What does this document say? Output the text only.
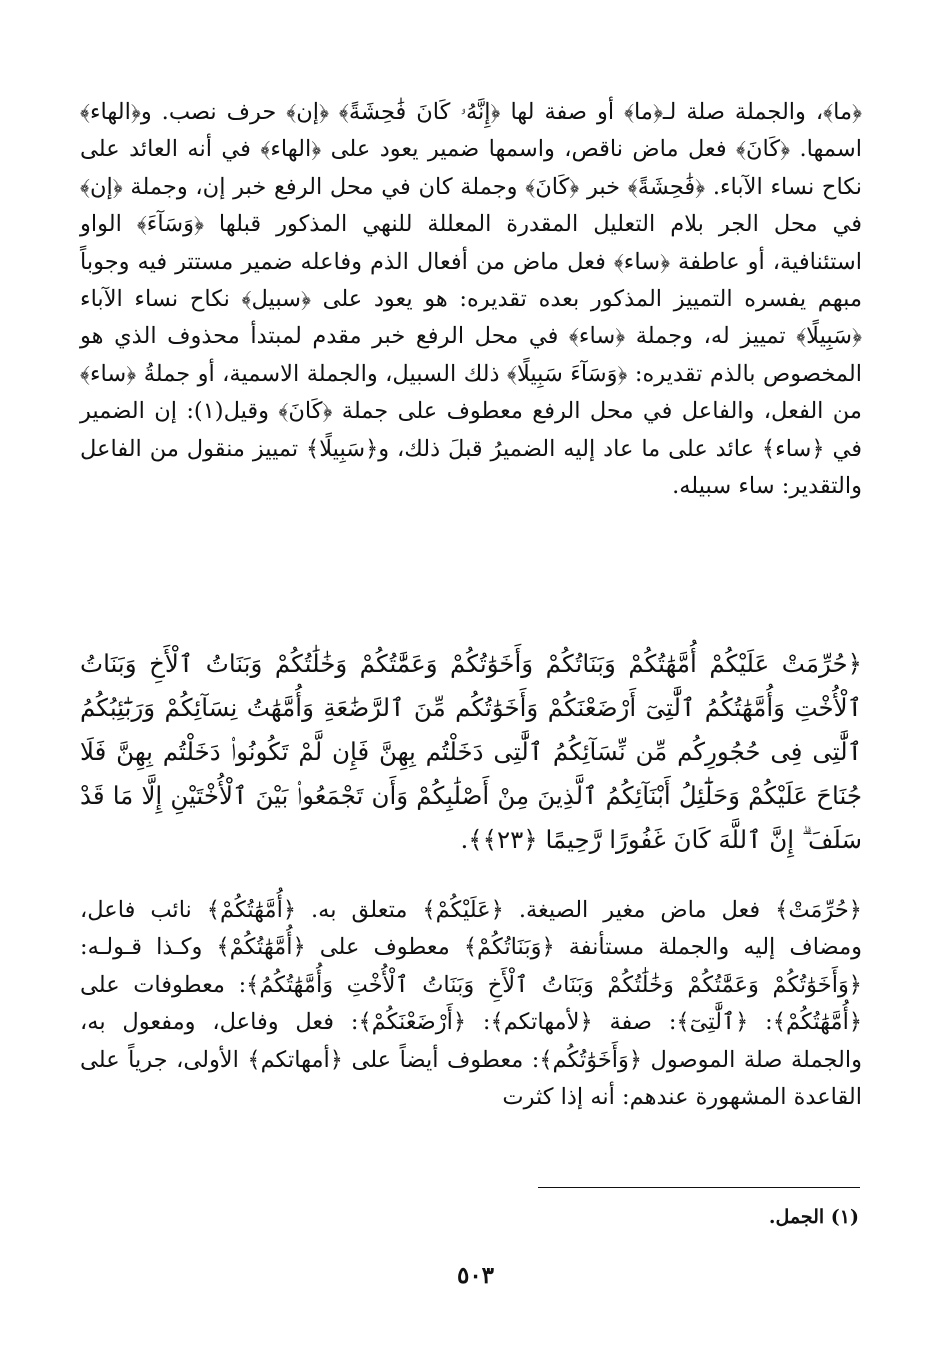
﴿ما﴾، والجملة صلة لـ﴿ما﴾ أو صفة لها ﴿إِنَّهُۥ كَانَ فَٰحِشَةً﴾ ﴿إن﴾ حرف نصب. و﴿الهاء﴾ اسمها. ﴿كَانَ﴾ فعل ماض ناقص، واسمها ضمير يعود على ﴿الهاء﴾ في أنه العائد على نكاح نساء الآباء. ﴿فَٰحِشَةً﴾ خبر ﴿كَانَ﴾ وجملة كان في محل الرفع خبر إن، وجملة ﴿إن﴾ في محل الجر بلام التعليل المقدرة المعللة للنهي المذكور قبلها ﴿وَسَآءَ﴾ الواو استئنافية، أو عاطفة ﴿ساء﴾ فعل ماض من أفعال الذم وفاعله ضمير مستتر فيه وجوباً مبهم يفسره التمييز المذكور بعده تقديره: هو يعود على ﴿سبيل﴾ نكاح نساء الآباء ﴿سَبِيلًا﴾ تمييز له، وجملة ﴿ساء﴾ في محل الرفع خبر مقدم لمبتدأ محذوف الذي هو المخصوص بالذم تقديره: ﴿وَسَآءَ سَبِيلًا﴾ ذلك السبيل، والجملة الاسمية، أو جملةُ ﴿ساء﴾ من الفعل، والفاعل في محل الرفع معطوف على جملة ﴿كَانَ﴾ وقيل(١): إن الضمير في ﴿ساء﴾ عائد على ما عاد إليه الضميرُ قبلَ ذلك، و﴿سَبِيلًا﴾ تمييز منقول من الفاعل والتقدير: ساء سبيله.
﴿حُرِّمَتْ عَلَيْكُمْ أُمَّهَٰتُكُمْ وَبَنَاتُكُمْ وَأَخَوَٰتُكُمْ وَعَمَّٰتُكُمْ وَخَٰلَٰتُكُمْ وَبَنَاتُ ٱلْأَخِ وَبَنَاتُ ٱلْأُخْتِ وَأُمَّهَٰتُكُمُ ٱلَّٰتِىٓ أَرْضَعْنَكُمْ وَأَخَوَٰتُكُم مِّنَ ٱلرَّضَٰعَةِ وَأُمَّهَٰتُ نِسَآئِكُمْ وَرَبَٰٓئِبُكُمُ ٱلَّٰتِى فِى حُجُورِكُم مِّن نِّسَآئِكُمُ ٱلَّٰتِى دَخَلْتُم بِهِنَّ فَإِن لَّمْ تَكُونُوا۟ دَخَلْتُم بِهِنَّ فَلَا جُنَاحَ عَلَيْكُمْ وَحَلَٰٓئِلُ أَبْنَآئِكُمُ ٱلَّذِينَ مِنْ أَصْلَٰبِكُمْ وَأَن تَجْمَعُوا۟ بَيْنَ ٱلْأُخْتَيْنِ إِلَّا مَا قَدْ سَلَفَ ۗ إِنَّ ٱللَّهَ كَانَ غَفُورًا رَّحِيمًا ﴿٢٣﴾﴾.
﴿حُرِّمَتْ﴾ فعل ماض مغير الصيغة. ﴿عَلَيْكُمْ﴾ متعلق به. ﴿أُمَّهَٰتُكُمْ﴾ نائب فاعل، ومضاف إليه والجملة مستأنفة ﴿وَبَنَاتُكُمْ﴾ معطوف على ﴿أُمَّهَٰتُكُمْ﴾ وكـذا قـولـه: ﴿وَأَخَوَٰتُكُمْ وَعَمَّٰتُكُمْ وَخَٰلَٰتُكُمْ وَبَنَاتُ ٱلْأَخِ وَبَنَاتُ ٱلْأُخْتِ وَأُمَّهَٰتُكُمُ﴾: معطوفات على ﴿أُمَّهَٰتُكُمْ﴾: ﴿ٱلَّٰتِىٓ﴾: صفة ﴿لأمهاتكم﴾: ﴿أَرْضَعْنَكُمْ﴾: فعل وفاعل، ومفعول به، والجملة صلة الموصول ﴿وَأَخَوَٰتُكُم﴾: معطوف أيضاً على ﴿أمهاتكم﴾ الأولى، جرياً على القاعدة المشهورة عندهم: أنه إذا كثرت
(١) الجمل.
٥٠٣
